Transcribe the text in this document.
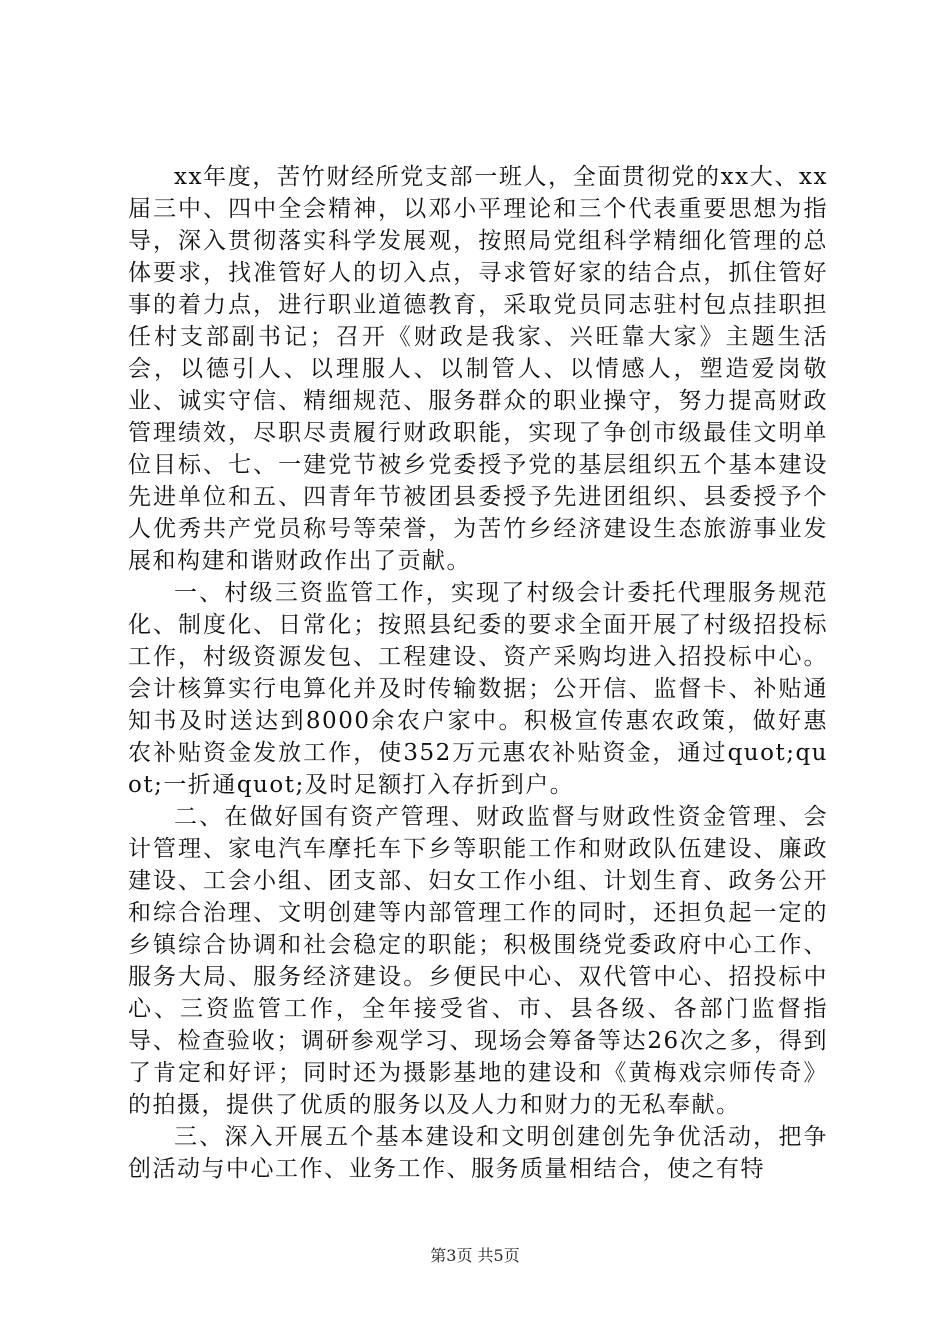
xx年度，苦竹财经所党支部一班人，全面贯彻党的xx大、xx届三中、四中全会精神，以邓小平理论和三个代表重要思想为指导，深入贯彻落实科学发展观，按照局党组科学精细化管理的总体要求，找准管好人的切入点，寻求管好家的结合点，抓住管好事的着力点，进行职业道德教育，采取党员同志驻村包点挂职担任村支部副书记；召开《财政是我家、兴旺靠大家》主题生活会，以德引人、以理服人、以制管人、以情感人，塑造爱岗敬业、诚实守信、精细规范、服务群众的职业操守，努力提高财政管理绩效，尽职尽责履行财政职能，实现了争创市级最佳文明单位目标、七、一建党节被乡党委授予党的基层组织五个基本建设先进单位和五、四青年节被团县委授予先进团组织、县委授予个人优秀共产党员称号等荣誉，为苦竹乡经济建设生态旅游事业发展和构建和谐财政作出了贡献。

一、村级三资监管工作，实现了村级会计委托代理服务规范化、制度化、日常化；按照县纪委的要求全面开展了村级招投标工作，村级资源发包、工程建设、资产采购均进入招投标中心。会计核算实行电算化并及时传输数据；公开信、监督卡、补贴通知书及时送达到8000余农户家中。积极宣传惠农政策，做好惠农补贴资金发放工作，使352万元惠农补贴资金，通过quot;quot;一折通quot;及时足额打入存折到户。

二、在做好国有资产管理、财政监督与财政性资金管理、会计管理、家电汽车摩托车下乡等职能工作和财政队伍建设、廉政建设、工会小组、团支部、妇女工作小组、计划生育、政务公开和综合治理、文明创建等内部管理工作的同时，还担负起一定的乡镇综合协调和社会稳定的职能；积极围绕党委政府中心工作、服务大局、服务经济建设。乡便民中心、双代管中心、招投标中心、三资监管工作，全年接受省、市、县各级、各部门监督指导、检查验收；调研参观学习、现场会筹备等达26次之多，得到了肯定和好评；同时还为摄影基地的建设和《黄梅戏宗师传奇》的拍摄，提供了优质的服务以及人力和财力的无私奉献。

三、深入开展五个基本建设和文明创建创先争优活动，把争创活动与中心工作、业务工作、服务质量相结合，使之有特

第3页 共5页
